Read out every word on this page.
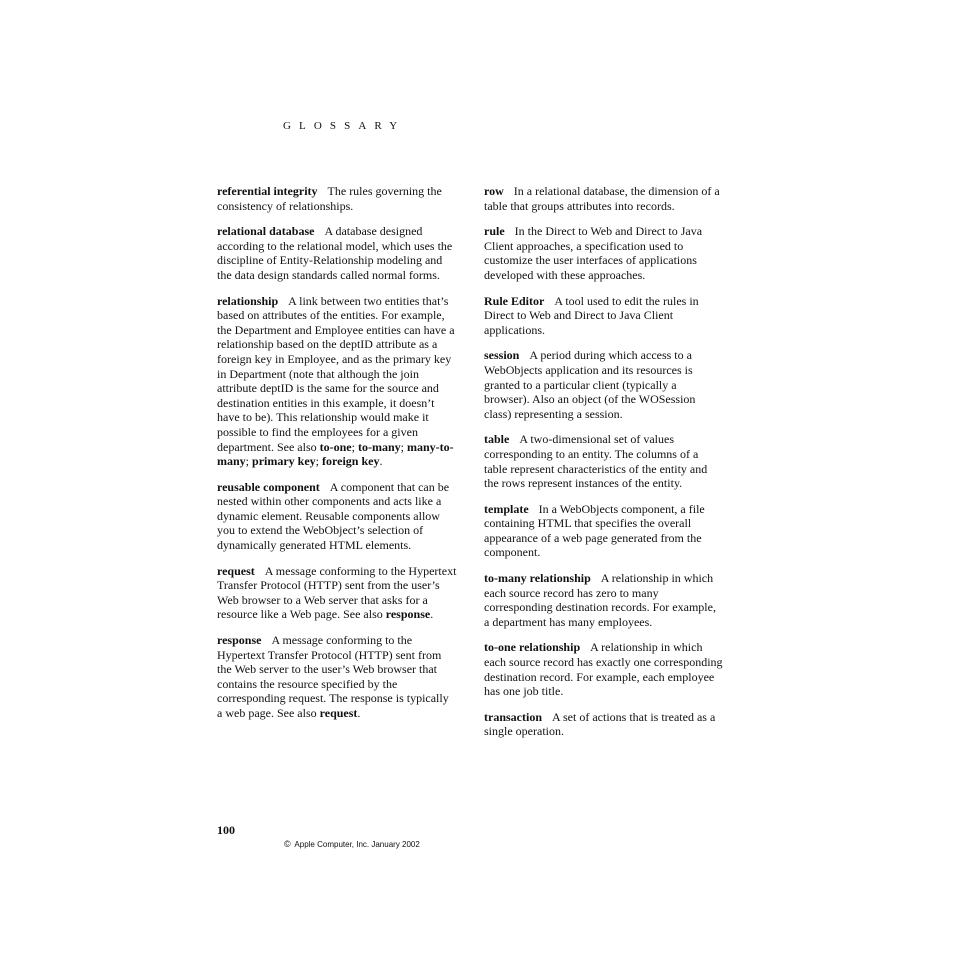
GLOSSARY

referential integrity The rules governing the consistency of relationships.

relational database A database designed according to the relational model, which uses the discipline of Entity-Relationship modeling and the data design standards called normal forms.

relationship A link between two entities that’s based on attributes of the entities. For example, the Department and Employee entities can have a relationship based on the deptID attribute as a foreign key in Employee, and as the primary key in Department (note that although the join attribute deptID is the same for the source and destination entities in this example, it doesn’t have to be). This relationship would make it possible to find the employees for a given department. See also to-one; to-many; many-to-many; primary key; foreign key.

reusable component A component that can be nested within other components and acts like a dynamic element. Reusable components allow you to extend the WebObject’s selection of dynamically generated HTML elements.

request A message conforming to the Hypertext Transfer Protocol (HTTP) sent from the user’s Web browser to a Web server that asks for a resource like a Web page. See also response.

response A message conforming to the Hypertext Transfer Protocol (HTTP) sent from the Web server to the user’s Web browser that contains the resource specified by the corresponding request. The response is typically a web page. See also request.

row In a relational database, the dimension of a table that groups attributes into records.

rule In the Direct to Web and Direct to Java Client approaches, a specification used to customize the user interfaces of applications developed with these approaches.

Rule Editor A tool used to edit the rules in Direct to Web and Direct to Java Client applications.

session A period during which access to a WebObjects application and its resources is granted to a particular client (typically a browser). Also an object (of the WOSession class) representing a session.

table A two-dimensional set of values corresponding to an entity. The columns of a table represent characteristics of the entity and the rows represent instances of the entity.

template In a WebObjects component, a file containing HTML that specifies the overall appearance of a web page generated from the component.

to-many relationship A relationship in which each source record has zero to many corresponding destination records. For example, a department has many employees.

to-one relationship A relationship in which each source record has exactly one corresponding destination record. For example, each employee has one job title.

transaction A set of actions that is treated as a single operation.

100
© Apple Computer, Inc. January 2002
